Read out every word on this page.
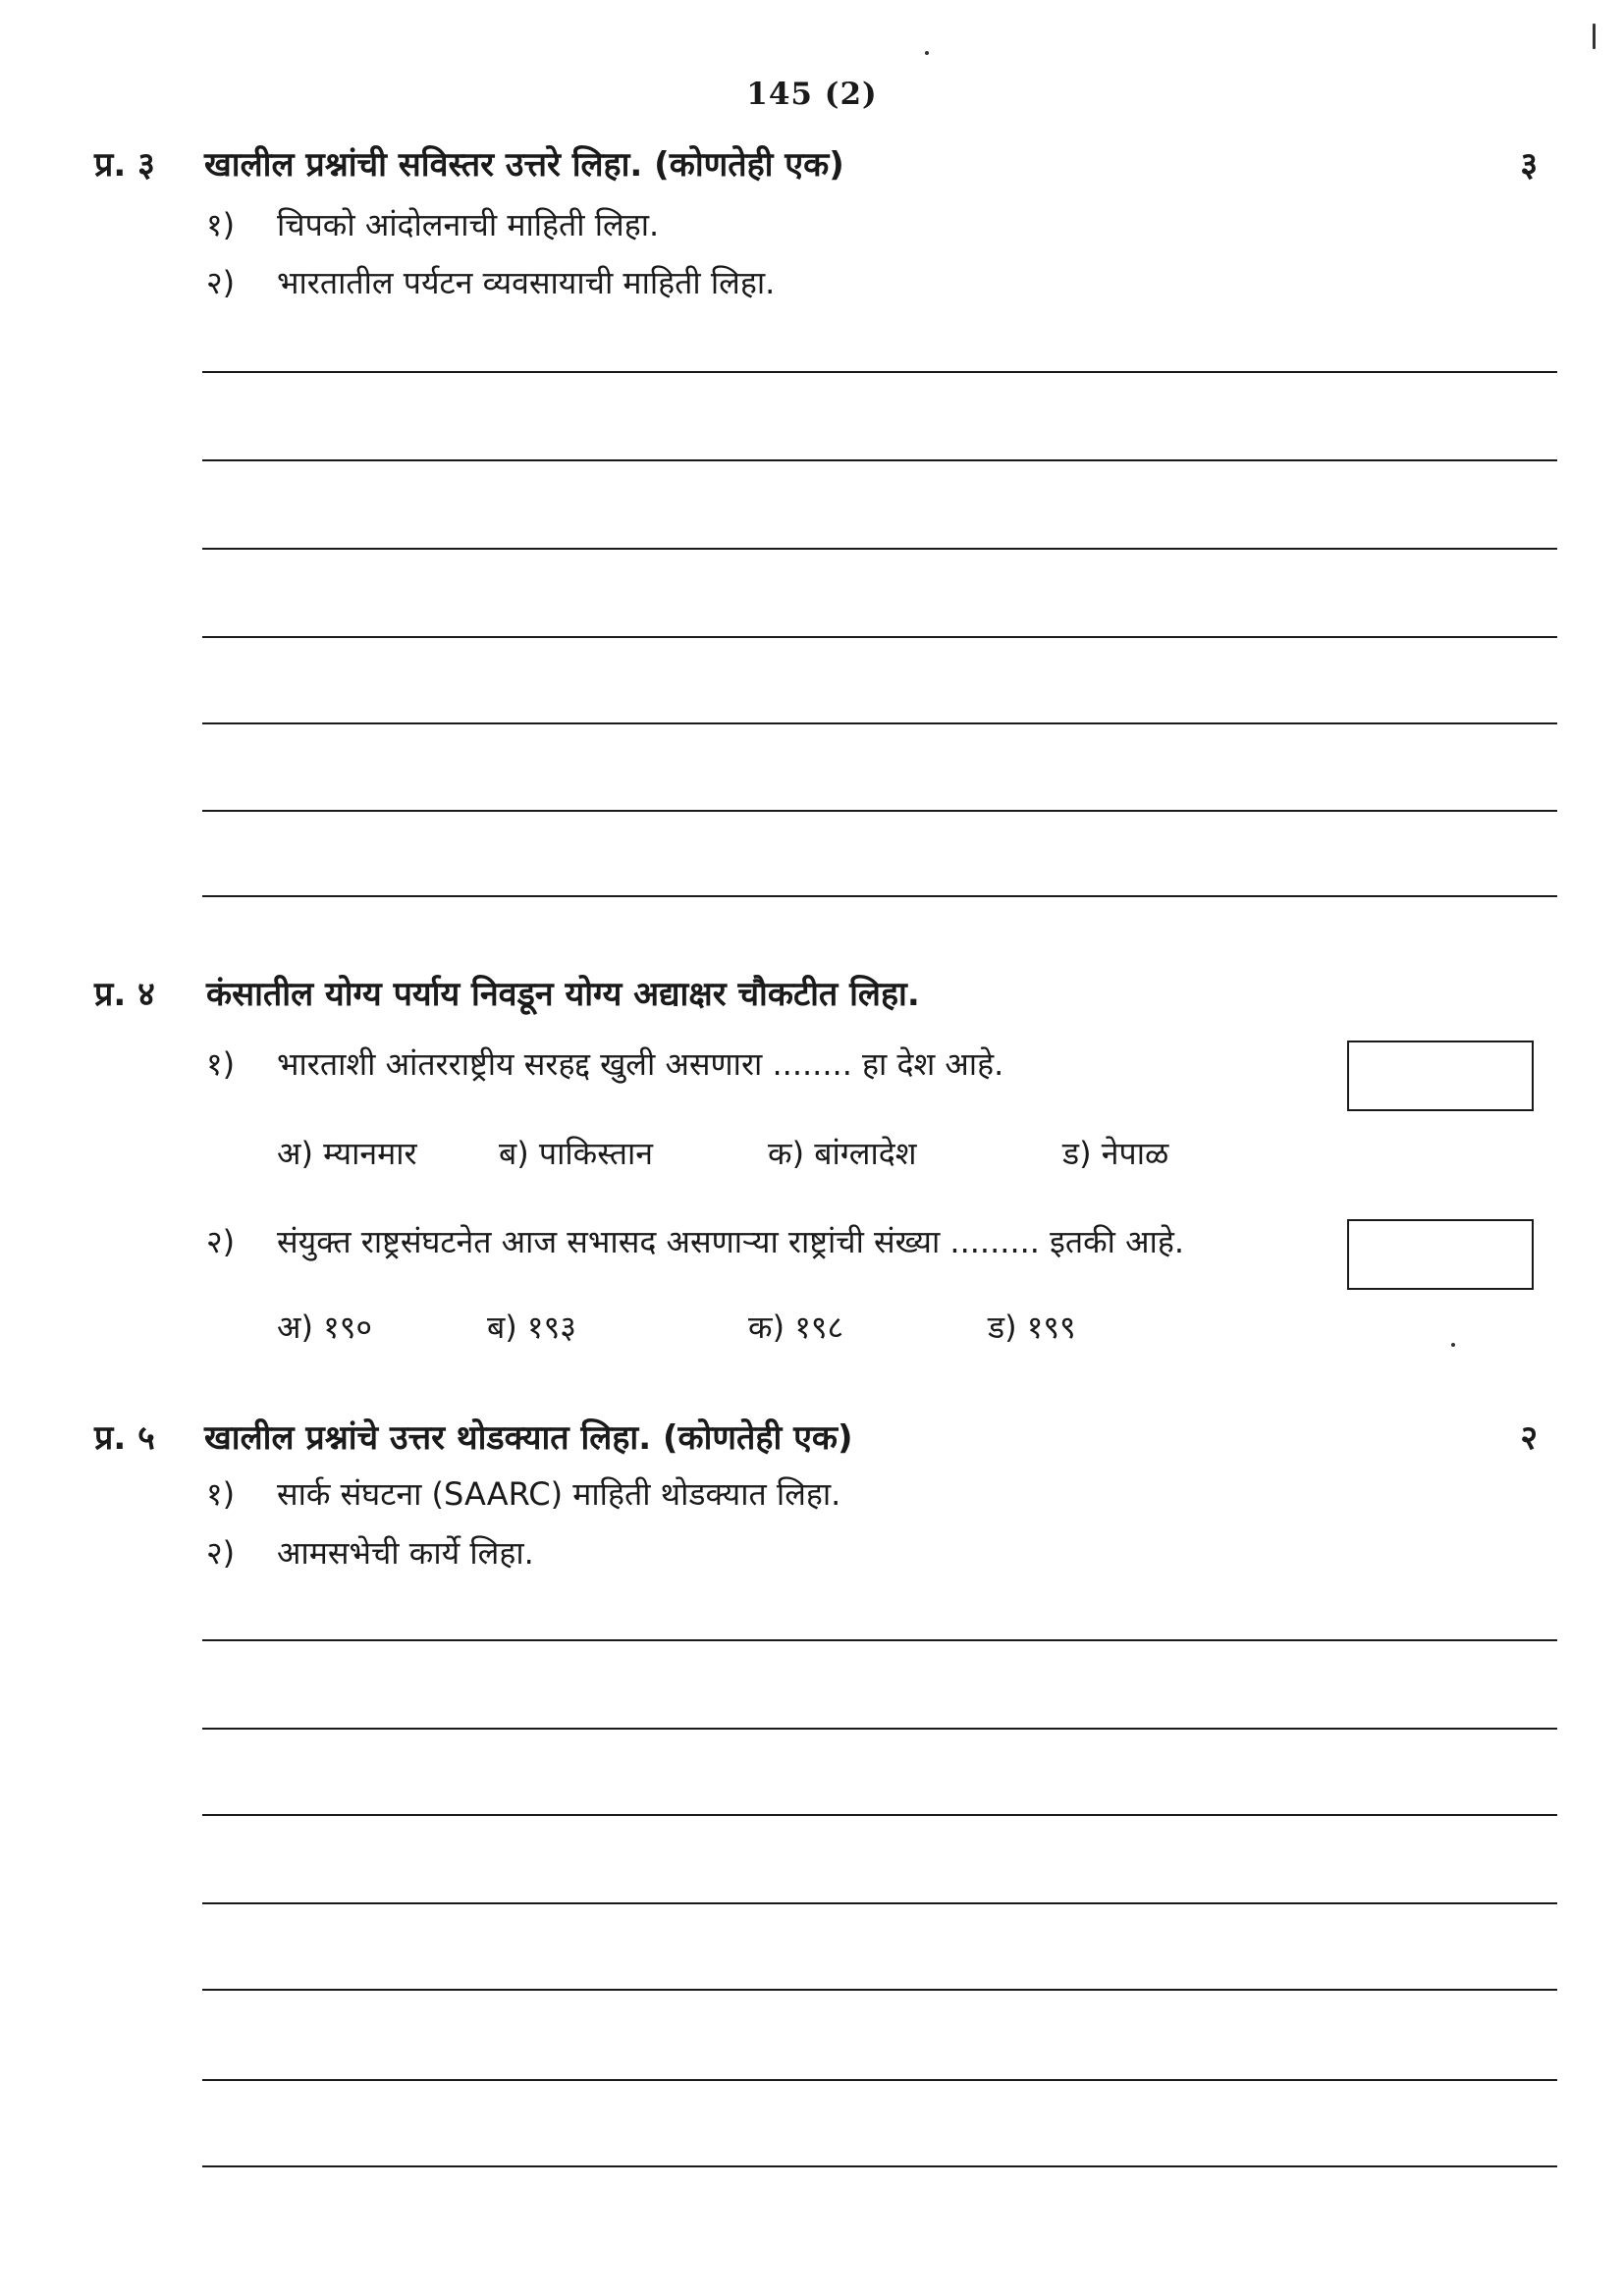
145 (2)
प्र. ३ खालील प्रश्नांची सविस्तर उत्तरे लिहा. (कोणतेही एक)	३
१) चिपको आंदोलनाची माहिती लिहा.
२) भारतातील पर्यटन व्यवसायाची माहिती लिहा.
प्र. ४ कंसातील योग्य पर्याय निवडून योग्य अद्याक्षर चौकटीत लिहा.
१) भारताशी आंतरराष्ट्रीय सरहद्द खुली असणारा ........ हा देश आहे.
अ) म्यानमार	ब) पाकिस्तान	क) बांग्लादेश	ड) नेपाळ
२) संयुक्त राष्ट्रसंघटनेत आज सभासद असणाऱ्या राष्ट्रांची संख्या ......... इतकी आहे.
अ) १९०	ब) १९३	क) १९८	ड) १९९
प्र. ५ खालील प्रश्नांचे उत्तर थोडक्यात लिहा. (कोणतेही एक)	२
१) सार्क संघटना (SAARC) माहिती थोडक्यात लिहा.
२) आमसभेची कार्ये लिहा.
